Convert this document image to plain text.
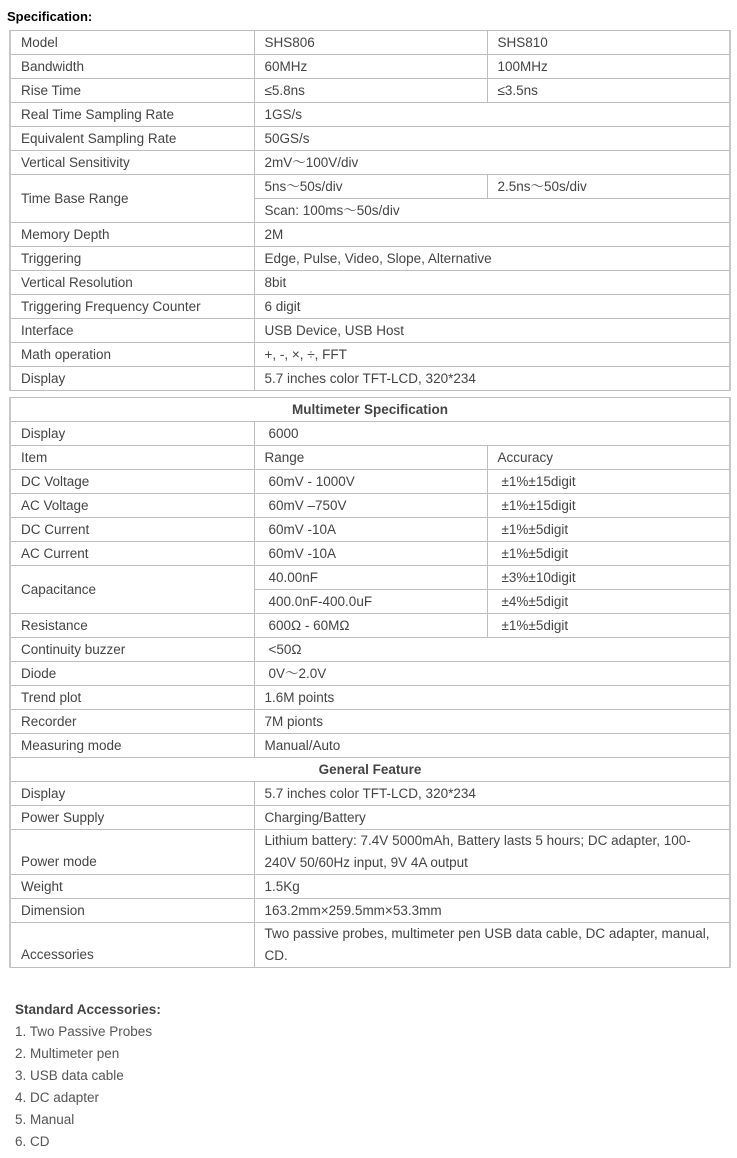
Specification:
Model	SHS806	SHS810
Bandwidth	60MHz	100MHz
Rise Time	≤5.8ns	≤3.5ns
Real Time Sampling Rate	1GS/s	
Equivalent Sampling Rate	50GS/s	
Vertical Sensitivity	2mV～100V/div	
Time Base Range	5ns～50s/div	2.5ns～50s/div
	Scan: 100ms～50s/div	
Memory Depth	2M	
Triggering	Edge, Pulse, Video, Slope, Alternative	
Vertical Resolution	8bit	
Triggering Frequency Counter	6 digit	
Interface	USB Device, USB Host	
Math operation	+, -, ×, ÷, FFT	
Display	5.7 inches color TFT-LCD, 320*234	
Multimeter Specification		
Display	6000	
Item	Range	Accuracy
DC Voltage	60mV - 1000V	±1%±15digit
AC Voltage	60mV –750V	±1%±15digit
DC Current	60mV -10A	±1%±5digit
AC Current	60mV -10A	±1%±5digit
Capacitance	40.00nF	±3%±10digit
	400.0nF-400.0uF	±4%±5digit
Resistance	600Ω - 60MΩ	±1%±5digit
Continuity buzzer	<50Ω	
Diode	0V～2.0V	
Trend plot	1.6M points	
Recorder	7M pionts	
Measuring mode	Manual/Auto	
General Feature		
Display	5.7 inches color TFT-LCD, 320*234	
Power Supply	Charging/Battery	
Power mode	Lithium battery: 7.4V 5000mAh, Battery lasts 5 hours; DC adapter, 100-240V 50/60Hz input, 9V 4A output	
Weight	1.5Kg	
Dimension	163.2mm×259.5mm×53.3mm	
Accessories	Two passive probes, multimeter pen USB data cable, DC adapter, manual, CD.	
Standard Accessories:
1. Two Passive Probes
2. Multimeter pen
3. USB data cable
4. DC adapter
5. Manual
6. CD
